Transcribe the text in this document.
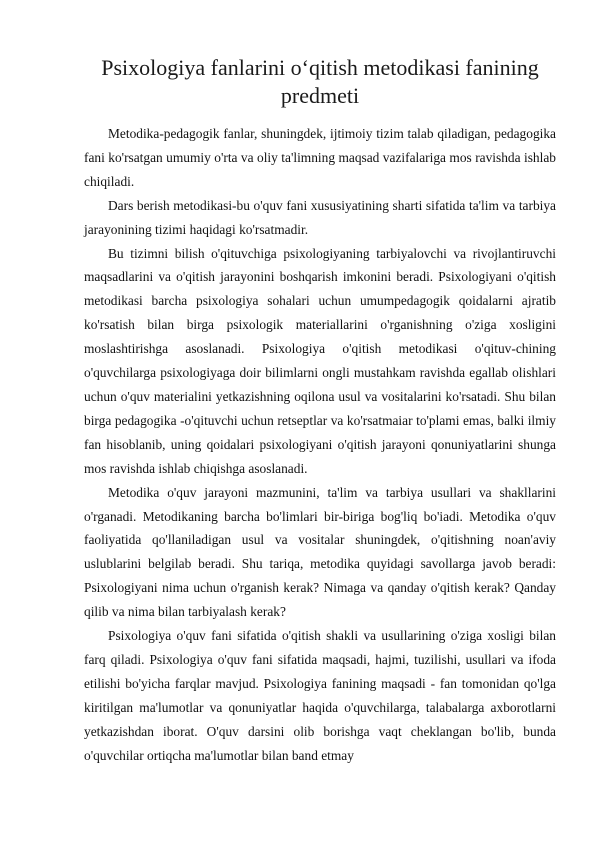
Psixologiya fanlarini o‘qitish metodikasi fanining predmeti

Metodika-pedagogik fanlar, shuningdek, ijtimoiy tizim talab qiladigan, pedagogika fani ko'rsatgan umumiy o'rta va oliy ta'limning maqsad vazifalariga mos ravishda ishlab chiqiladi.

Dars berish metodikasi-bu o'quv fani xususiyatining sharti sifatida ta'lim va tarbiya jarayonining tizimi haqidagi ko'rsatmadir.

Bu tizimni bilish o'qituvchiga psixologiyaning tarbiyalovchi va rivojlantiruvchi maqsadlarini va o'qitish jarayonini boshqarish imkonini beradi. Psixologiyani o'qitish metodikasi barcha psixologiya sohalari uchun umumpedagogik qoidalarni ajratib ko'rsatish bilan birga psixologik materiallarini o'rganishning o'ziga xosligini moslashtirishga asoslanadi. Psixologiya o'qitish metodikasi o'qituv-chining o'quvchilarga psixologiyaga doir bilimlarni ongli mustahkam ravishda egallab olishlari uchun o'quv materialini yetkazishning oqilona usul va vositalarini ko'rsatadi. Shu bilan birga pedagogika -o'qituvchi uchun retseptlar va ko'rsatmaiar to'plami emas, balki ilmiy fan hisoblanib, uning qoidalari psixologiyani o'qitish jarayoni qonuniyatlarini shunga mos ravishda ishlab chiqishga asoslanadi.

Metodika o'quv jarayoni mazmunini, ta'lim va tarbiya usullari va shakllarini o'rganadi. Metodikaning barcha bo'limlari bir-biriga bog'liq bo'iadi. Metodika o'quv faoliyatida qo'llaniladigan usul va vositalar shuningdek, o'qitishning noan'aviy uslublarini belgilab beradi. Shu tariqa, metodika quyidagi savollarga javob beradi: Psixologiyani nima uchun o'rganish kerak? Nimaga va qanday o'qitish kerak? Qanday qilib va nima bilan tarbiyalash kerak?

Psixologiya o'quv fani sifatida o'qitish shakli va usullarining o'ziga xosligi bilan farq qiladi. Psixologiya o'quv fani sifatida maqsadi, hajmi, tuzilishi, usullari va ifoda etilishi bo'yicha farqlar mavjud. Psixologiya fanining maqsadi - fan tomonidan qo'lga kiritilgan ma'lumotlar va qonuniyatlar haqida o'quvchilarga, talabalarga axborotlarni yetkazishdan iborat. O'quv darsini olib borishga vaqt cheklangan bo'lib, bunda o'quvchilar ortiqcha ma'lumotlar bilan band etmay
